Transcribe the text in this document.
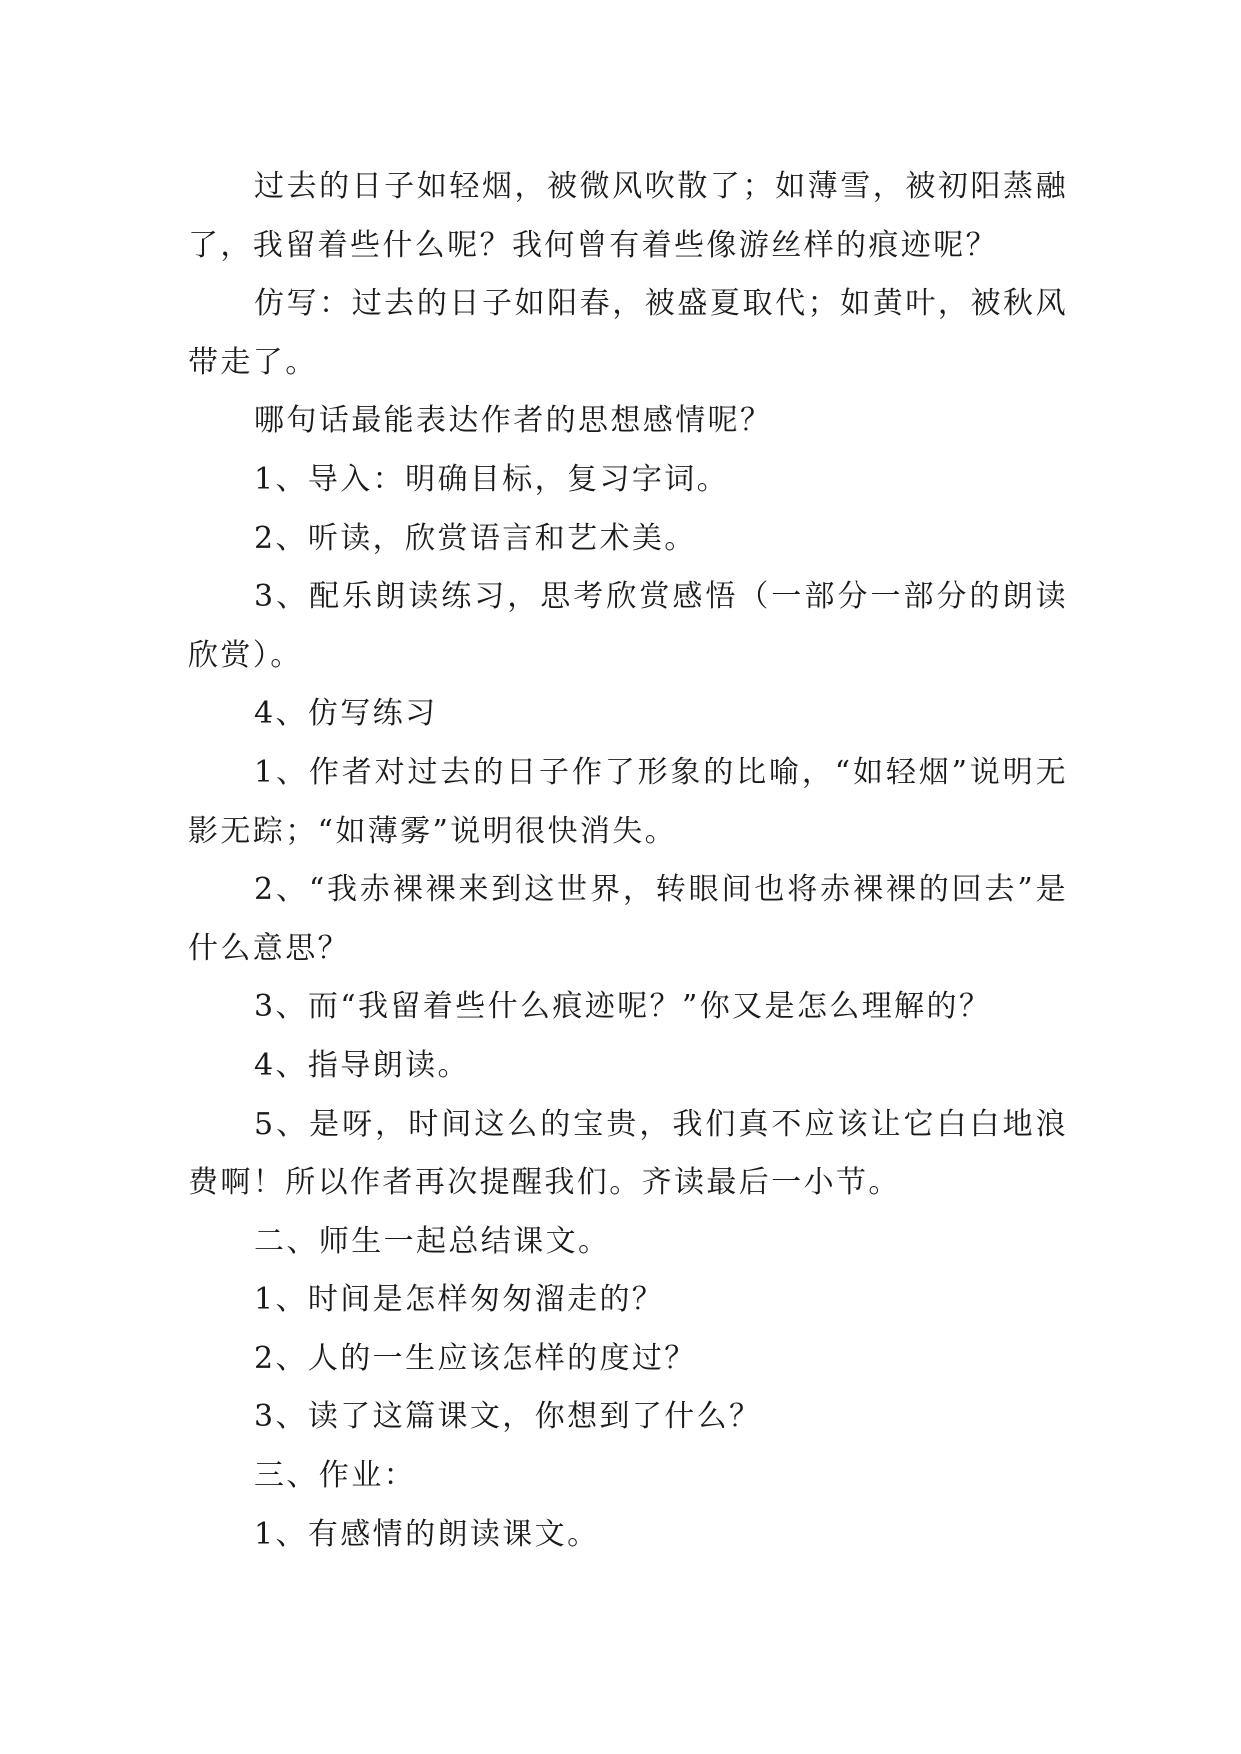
过去的日子如轻烟，被微风吹散了；如薄雪，被初阳蒸融了，我留着些什么呢？我何曾有着些像游丝样的痕迹呢？

仿写：过去的日子如阳春，被盛夏取代；如黄叶，被秋风带走了。

哪句话最能表达作者的思想感情呢？

1、导入：明确目标，复习字词。

2、听读，欣赏语言和艺术美。

3、配乐朗读练习，思考欣赏感悟（一部分一部分的朗读欣赏）。

4、仿写练习

1、作者对过去的日子作了形象的比喻，“如轻烟”说明无影无踪；“如薄雾”说明很快消失。

2、“我赤裸裸来到这世界，转眼间也将赤裸裸的回去”是什么意思？

3、而“我留着些什么痕迹呢？”你又是怎么理解的？

4、指导朗读。

5、是呀，时间这么的宝贵，我们真不应该让它白白地浪费啊！所以作者再次提醒我们。齐读最后一小节。

二、师生一起总结课文。

1、时间是怎样匆匆溜走的？

2、人的一生应该怎样的度过？

3、读了这篇课文，你想到了什么？

三、作业：

1、有感情的朗读课文。
